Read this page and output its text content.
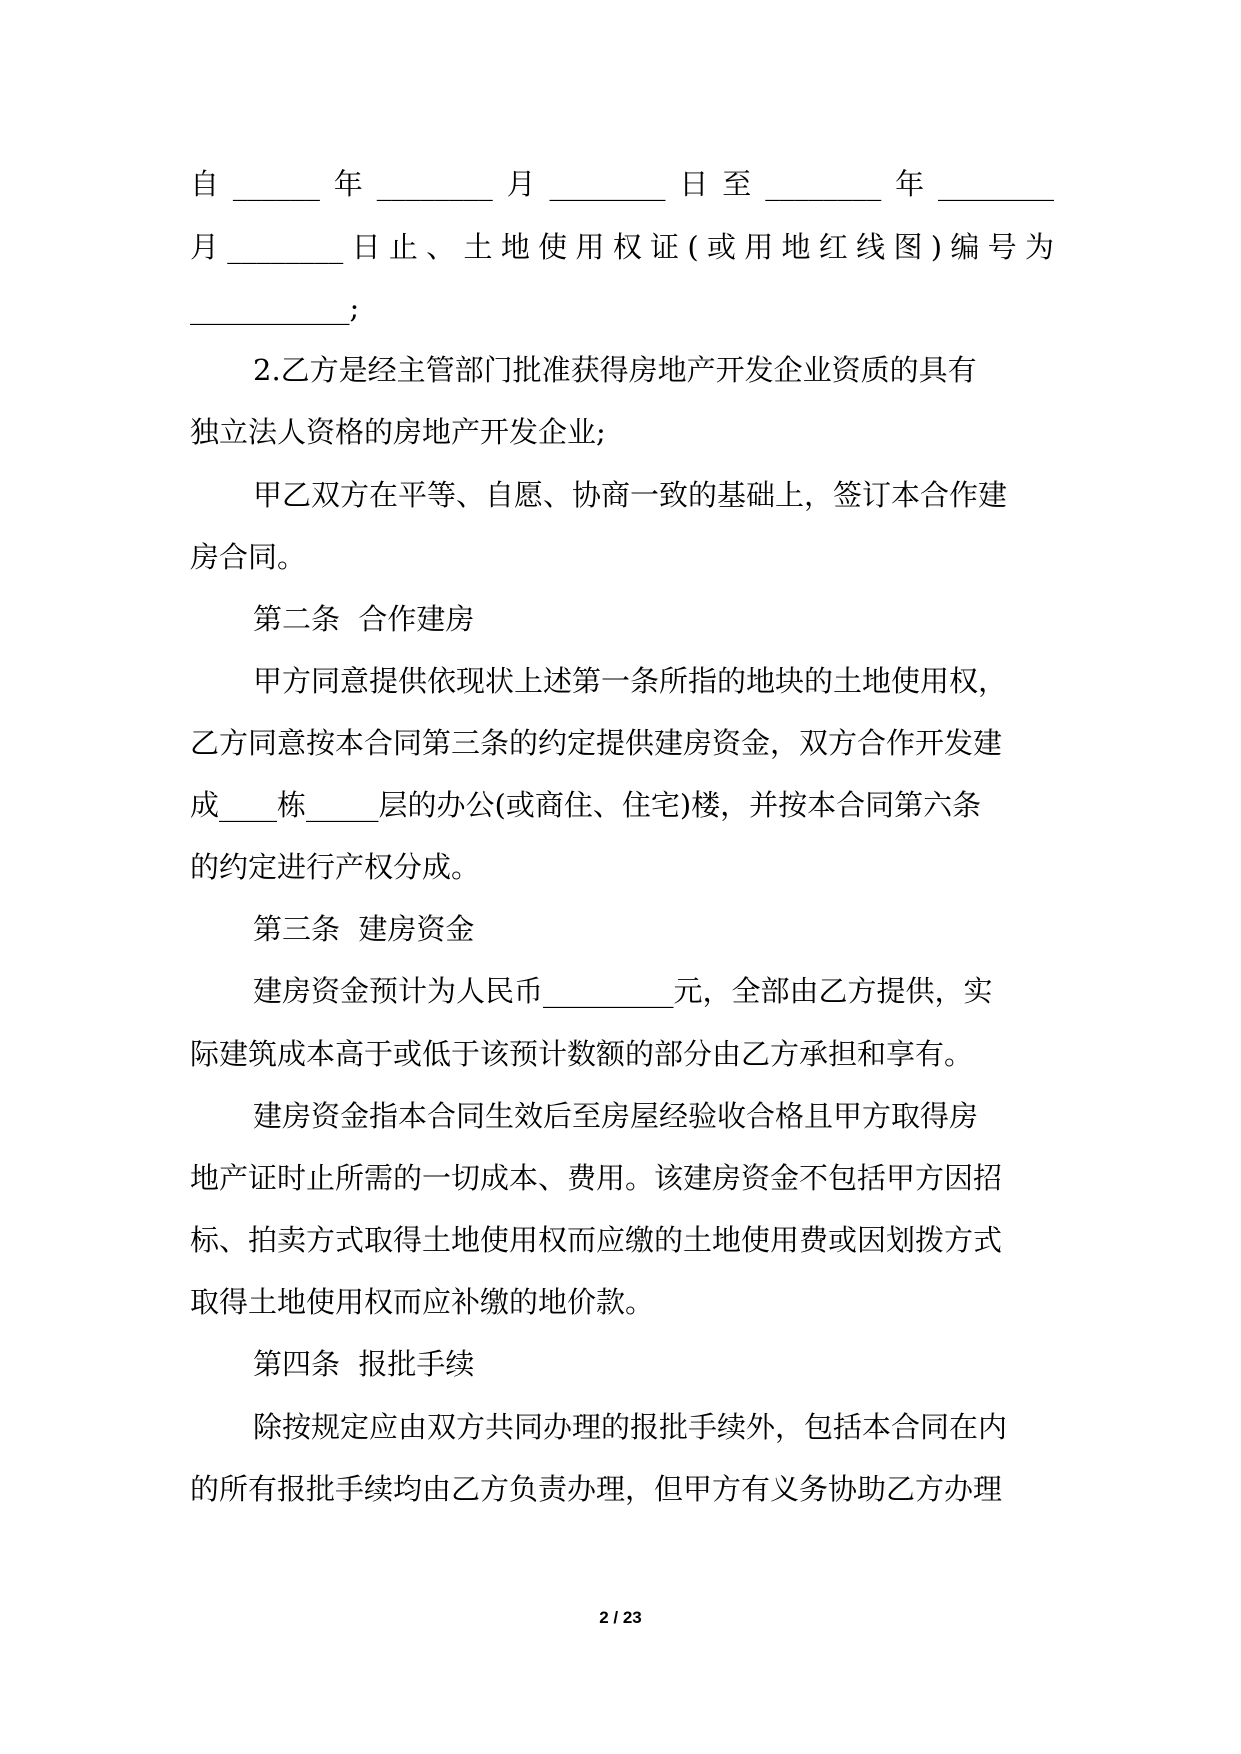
自______年________月________日至________年________
月________日止、土地使用权证(或用地红线图)编号为
___________;
2.乙方是经主管部门批准获得房地产开发企业资质的具有
独立法人资格的房地产开发企业;
甲乙双方在平等、自愿、协商一致的基础上，签订本合作建
房合同。
第二条  合作建房
甲方同意提供依现状上述第一条所指的地块的土地使用权，
乙方同意按本合同第三条的约定提供建房资金，双方合作开发建
成____栋_____层的办公(或商住、住宅)楼，并按本合同第六条
的约定进行产权分成。
第三条  建房资金
建房资金预计为人民币_________元，全部由乙方提供，实
际建筑成本高于或低于该预计数额的部分由乙方承担和享有。
建房资金指本合同生效后至房屋经验收合格且甲方取得房
地产证时止所需的一切成本、费用。该建房资金不包括甲方因招
标、拍卖方式取得土地使用权而应缴的土地使用费或因划拨方式
取得土地使用权而应补缴的地价款。
第四条  报批手续
除按规定应由双方共同办理的报批手续外，包括本合同在内
的所有报批手续均由乙方负责办理，但甲方有义务协助乙方办理
2 / 23
